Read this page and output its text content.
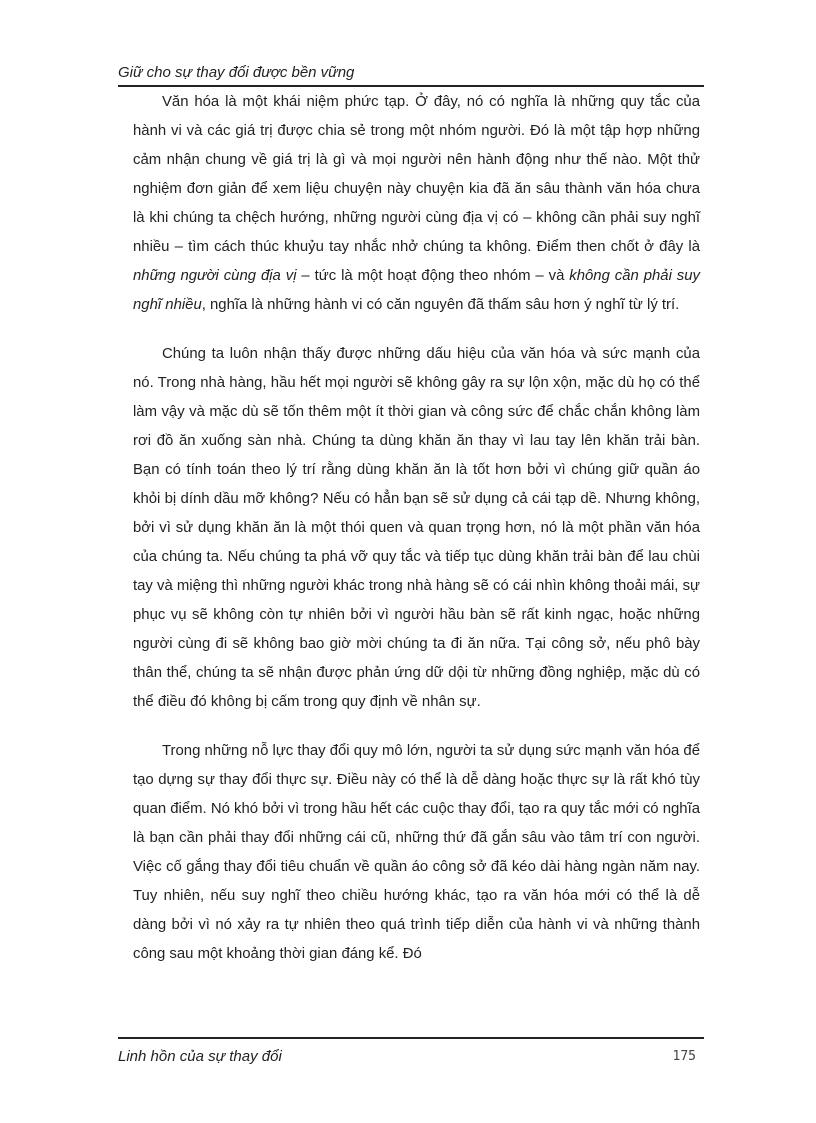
Giữ cho sự thay đổi được bền vững

Văn hóa là một khái niệm phức tạp. Ở đây, nó có nghĩa là những quy tắc của hành vi và các giá trị được chia sẻ trong một nhóm người. Đó là một tập hợp những cảm nhận chung về giá trị là gì và mọi người nên hành động như thế nào. Một thử nghiệm đơn giản để xem liệu chuyện này chuyện kia đã ăn sâu thành văn hóa chưa là khi chúng ta chệch hướng, những người cùng địa vị có – không cần phải suy nghĩ nhiều – tìm cách thúc khuỷu tay nhắc nhở chúng ta không. Điểm then chốt ở đây là những người cùng địa vị – tức là một hoạt động theo nhóm – và không cần phải suy nghĩ nhiều, nghĩa là những hành vi có căn nguyên đã thấm sâu hơn ý nghĩ từ lý trí.

Chúng ta luôn nhận thấy được những dấu hiệu của văn hóa và sức mạnh của nó. Trong nhà hàng, hầu hết mọi người sẽ không gây ra sự lộn xộn, mặc dù họ có thể làm vậy và mặc dù sẽ tốn thêm một ít thời gian và công sức để chắc chắn không làm rơi đồ ăn xuống sàn nhà. Chúng ta dùng khăn ăn thay vì lau tay lên khăn trải bàn. Bạn có tính toán theo lý trí rằng dùng khăn ăn là tốt hơn bởi vì chúng giữ quần áo khỏi bị dính dầu mỡ không? Nếu có hẳn bạn sẽ sử dụng cả cái tạp dề. Nhưng không, bởi vì sử dụng khăn ăn là một thói quen và quan trọng hơn, nó là một phần văn hóa của chúng ta. Nếu chúng ta phá vỡ quy tắc và tiếp tục dùng khăn trải bàn để lau chùi tay và miệng thì những người khác trong nhà hàng sẽ có cái nhìn không thoải mái, sự phục vụ sẽ không còn tự nhiên bởi vì người hầu bàn sẽ rất kinh ngạc, hoặc những người cùng đi sẽ không bao giờ mời chúng ta đi ăn nữa. Tại công sở, nếu phô bày thân thể, chúng ta sẽ nhận được phản ứng dữ dội từ những đồng nghiệp, mặc dù có thể điều đó không bị cấm trong quy định về nhân sự.

Trong những nỗ lực thay đổi quy mô lớn, người ta sử dụng sức mạnh văn hóa để tạo dựng sự thay đổi thực sự. Điều này có thể là dễ dàng hoặc thực sự là rất khó tùy quan điểm. Nó khó bởi vì trong hầu hết các cuộc thay đổi, tạo ra quy tắc mới có nghĩa là bạn cần phải thay đổi những cái cũ, những thứ đã gắn sâu vào tâm trí con người. Việc cố gắng thay đổi tiêu chuẩn về quần áo công sở đã kéo dài hàng ngàn năm nay. Tuy nhiên, nếu suy nghĩ theo chiều hướng khác, tạo ra văn hóa mới có thể là dễ dàng bởi vì nó xảy ra tự nhiên theo quá trình tiếp diễn của hành vi và những thành công sau một khoảng thời gian đáng kể. Đó

Linh hồn của sự thay đổi	175
